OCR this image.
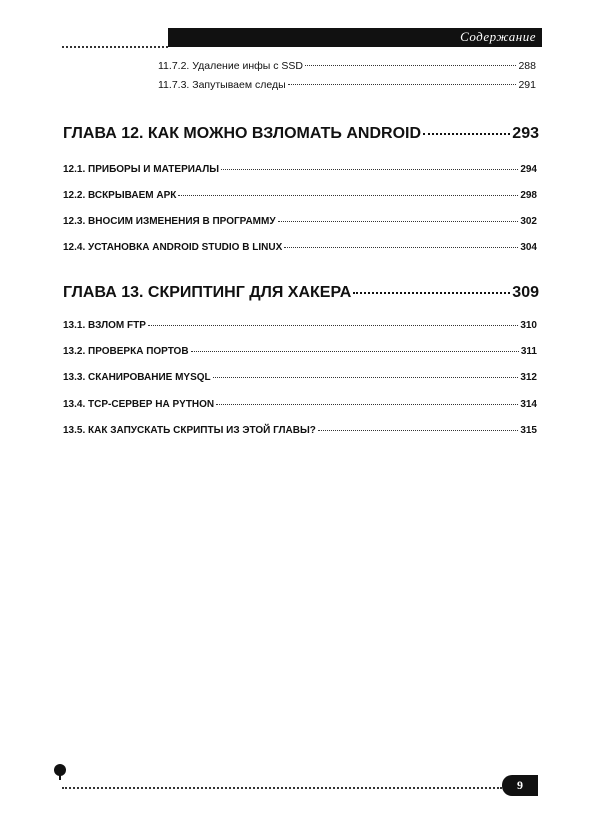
Содержание
11.7.2. Удаление инфы с SSD	288
11.7.3. Запутываем следы	291
ГЛАВА 12. КАК МОЖНО ВЗЛОМАТЬ ANDROID	293
12.1. ПРИБОРЫ И МАТЕРИАЛЫ	294
12.2. ВСКРЫВАЕМ АРК	298
12.3. ВНОСИМ ИЗМЕНЕНИЯ В ПРОГРАММУ	302
12.4. УСТАНОВКА ANDROID STUDIO В LINUX	304
ГЛАВА 13. СКРИПТИНГ ДЛЯ ХАКЕРА	309
13.1. ВЗЛОМ FTP	310
13.2. ПРОВЕРКА ПОРТОВ	311
13.3. СКАНИРОВАНИЕ MYSQL	312
13.4. TCP-СЕРВЕР НА PYTHON	314
13.5. КАК ЗАПУСКАТЬ СКРИПТЫ ИЗ ЭТОЙ ГЛАВЫ?	315
9
